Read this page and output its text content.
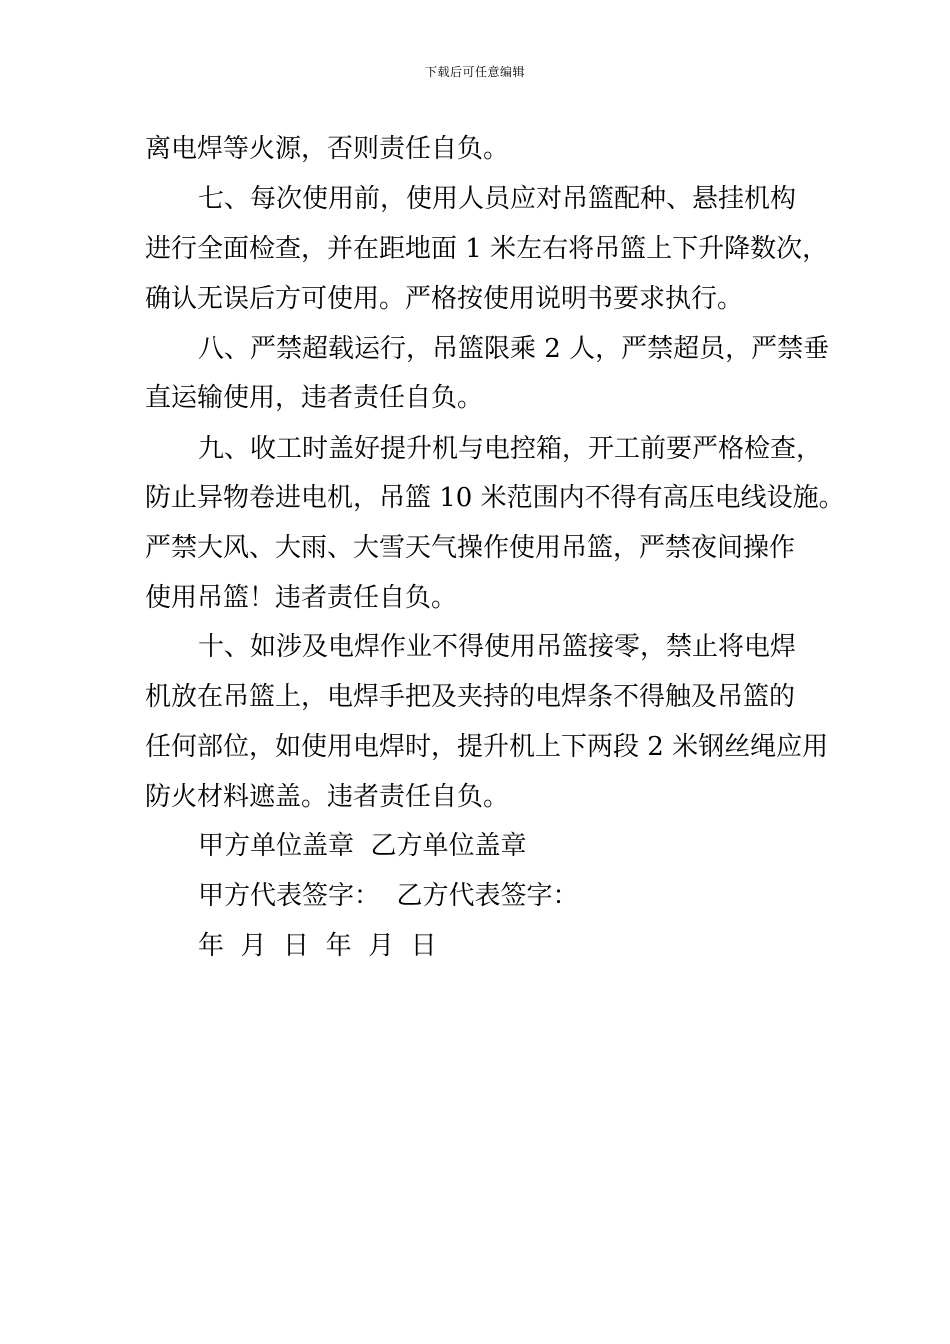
下载后可任意编辑
离电焊等火源，否则责任自负。
七、每次使用前，使用人员应对吊篮配种、悬挂机构
进行全面检查，并在距地面 1 米左右将吊篮上下升降数次，
确认无误后方可使用。严格按使用说明书要求执行。
八、严禁超载运行，吊篮限乘 2 人，严禁超员，严禁垂
直运输使用，违者责任自负。
九、收工时盖好提升机与电控箱，开工前要严格检查，
防止异物卷进电机，吊篮 10 米范围内不得有高压电线设施。
严禁大风、大雨、大雪天气操作使用吊篮，严禁夜间操作
使用吊篮！违者责任自负。
十、如涉及电焊作业不得使用吊篮接零，禁止将电焊
机放在吊篮上，电焊手把及夹持的电焊条不得触及吊篮的
任何部位，如使用电焊时，提升机上下两段 2 米钢丝绳应用
防火材料遮盖。违者责任自负。
甲方单位盖章  乙方单位盖章
甲方代表签字：  乙方代表签字：
年  月  日  年  月  日
